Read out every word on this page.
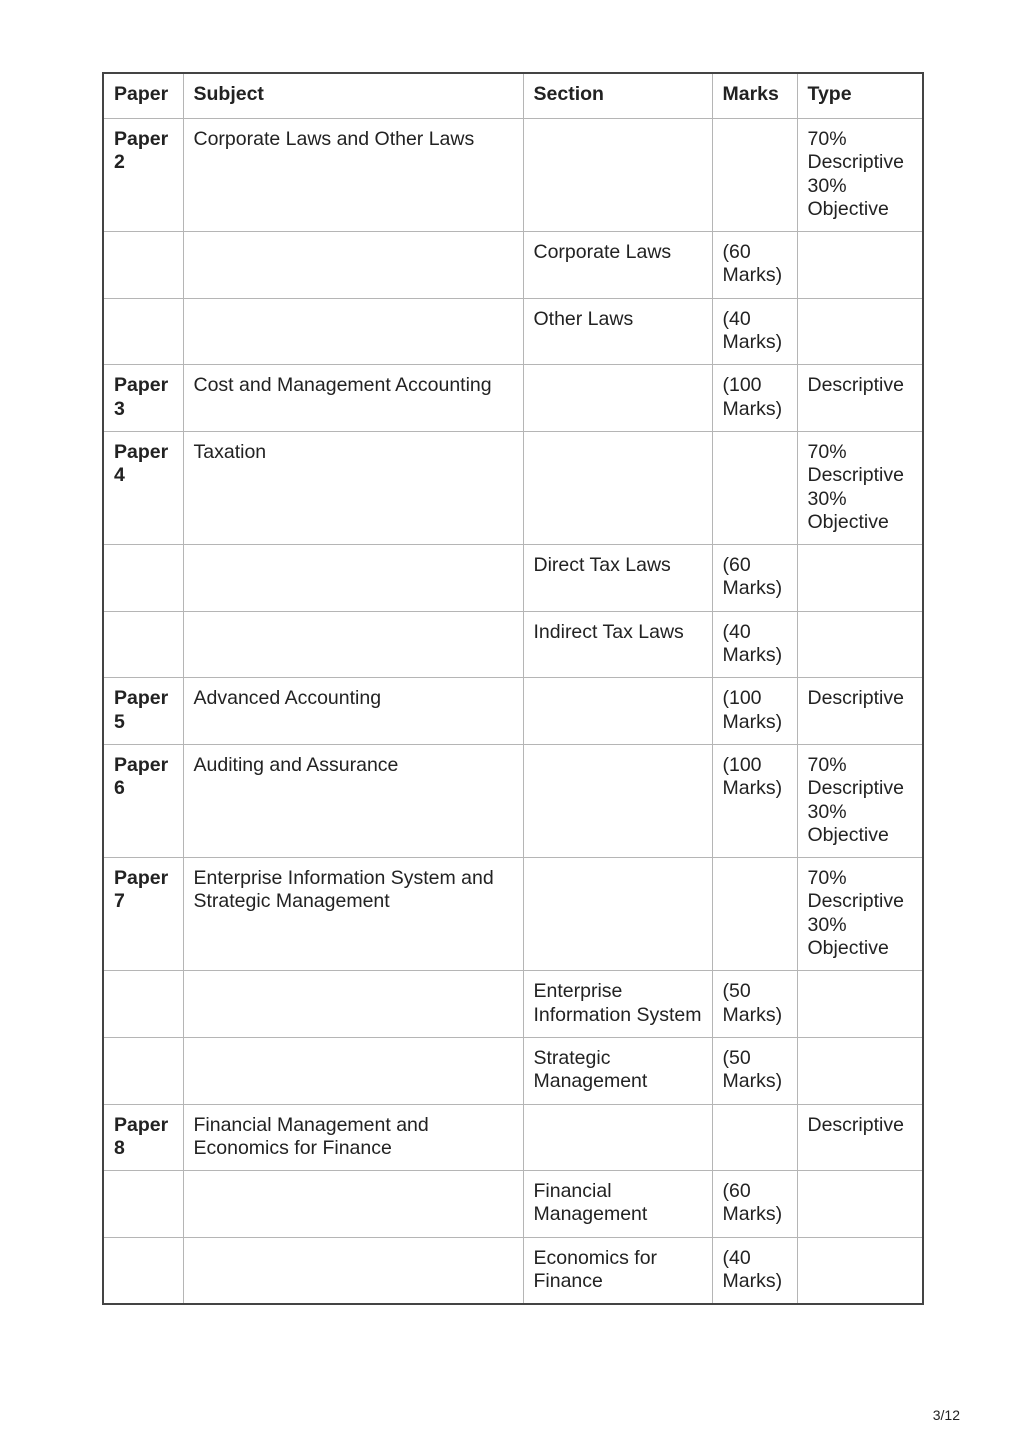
Paper	Subject	Section	Marks	Type
Paper 2	Corporate Laws and Other Laws			70% Descriptive 30% Objective
		Corporate Laws	(60 Marks)	
		Other Laws	(40 Marks)	
Paper 3	Cost and Management Accounting		(100 Marks)	Descriptive
Paper 4	Taxation			70% Descriptive 30% Objective
		Direct Tax Laws	(60 Marks)	
		Indirect Tax Laws	(40 Marks)	
Paper 5	Advanced Accounting		(100 Marks)	Descriptive
Paper 6	Auditing and Assurance		(100 Marks)	70% Descriptive 30% Objective
Paper 7	Enterprise Information System and Strategic Management			70% Descriptive 30% Objective
		Enterprise Information System	(50 Marks)	
		Strategic Management	(50 Marks)	
Paper 8	Financial Management and Economics for Finance			Descriptive
		Financial Management	(60 Marks)	
		Economics for Finance	(40 Marks)	
3/12
